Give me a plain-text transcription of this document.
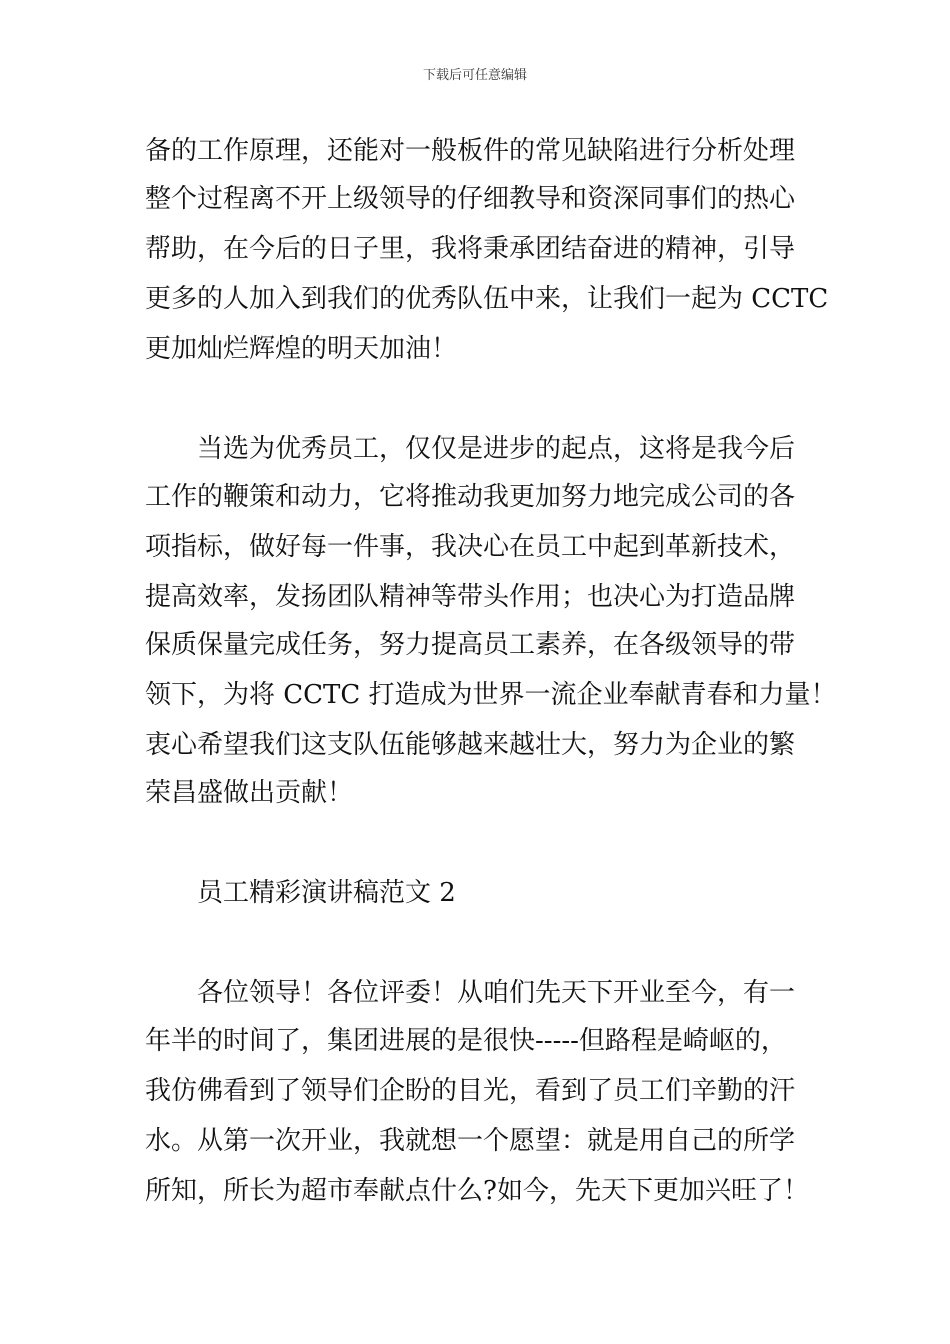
下载后可任意编辑
备的工作原理，还能对一般板件的常见缺陷进行分析处理
整个过程离不开上级领导的仔细教导和资深同事们的热心
帮助，在今后的日子里，我将秉承团结奋进的精神，引导
更多的人加入到我们的优秀队伍中来，让我们一起为 CCTC
更加灿烂辉煌的明天加油！
　　当选为优秀员工，仅仅是进步的起点，这将是我今后
工作的鞭策和动力，它将推动我更加努力地完成公司的各
项指标，做好每一件事，我决心在员工中起到革新技术，
提高效率，发扬团队精神等带头作用；也决心为打造品牌
保质保量完成任务，努力提高员工素养，在各级领导的带
领下，为将 CCTC 打造成为世界一流企业奉献青春和力量！
衷心希望我们这支队伍能够越来越壮大，努力为企业的繁
荣昌盛做出贡献！
　　员工精彩演讲稿范文 2
　　各位领导！各位评委！从咱们先天下开业至今，有一
年半的时间了，集团进展的是很快-----但路程是崎岖的，
我仿佛看到了领导们企盼的目光，看到了员工们辛勤的汗
水。从第一次开业，我就想一个愿望：就是用自己的所学
所知，所长为超市奉献点什么?如今，先天下更加兴旺了！
